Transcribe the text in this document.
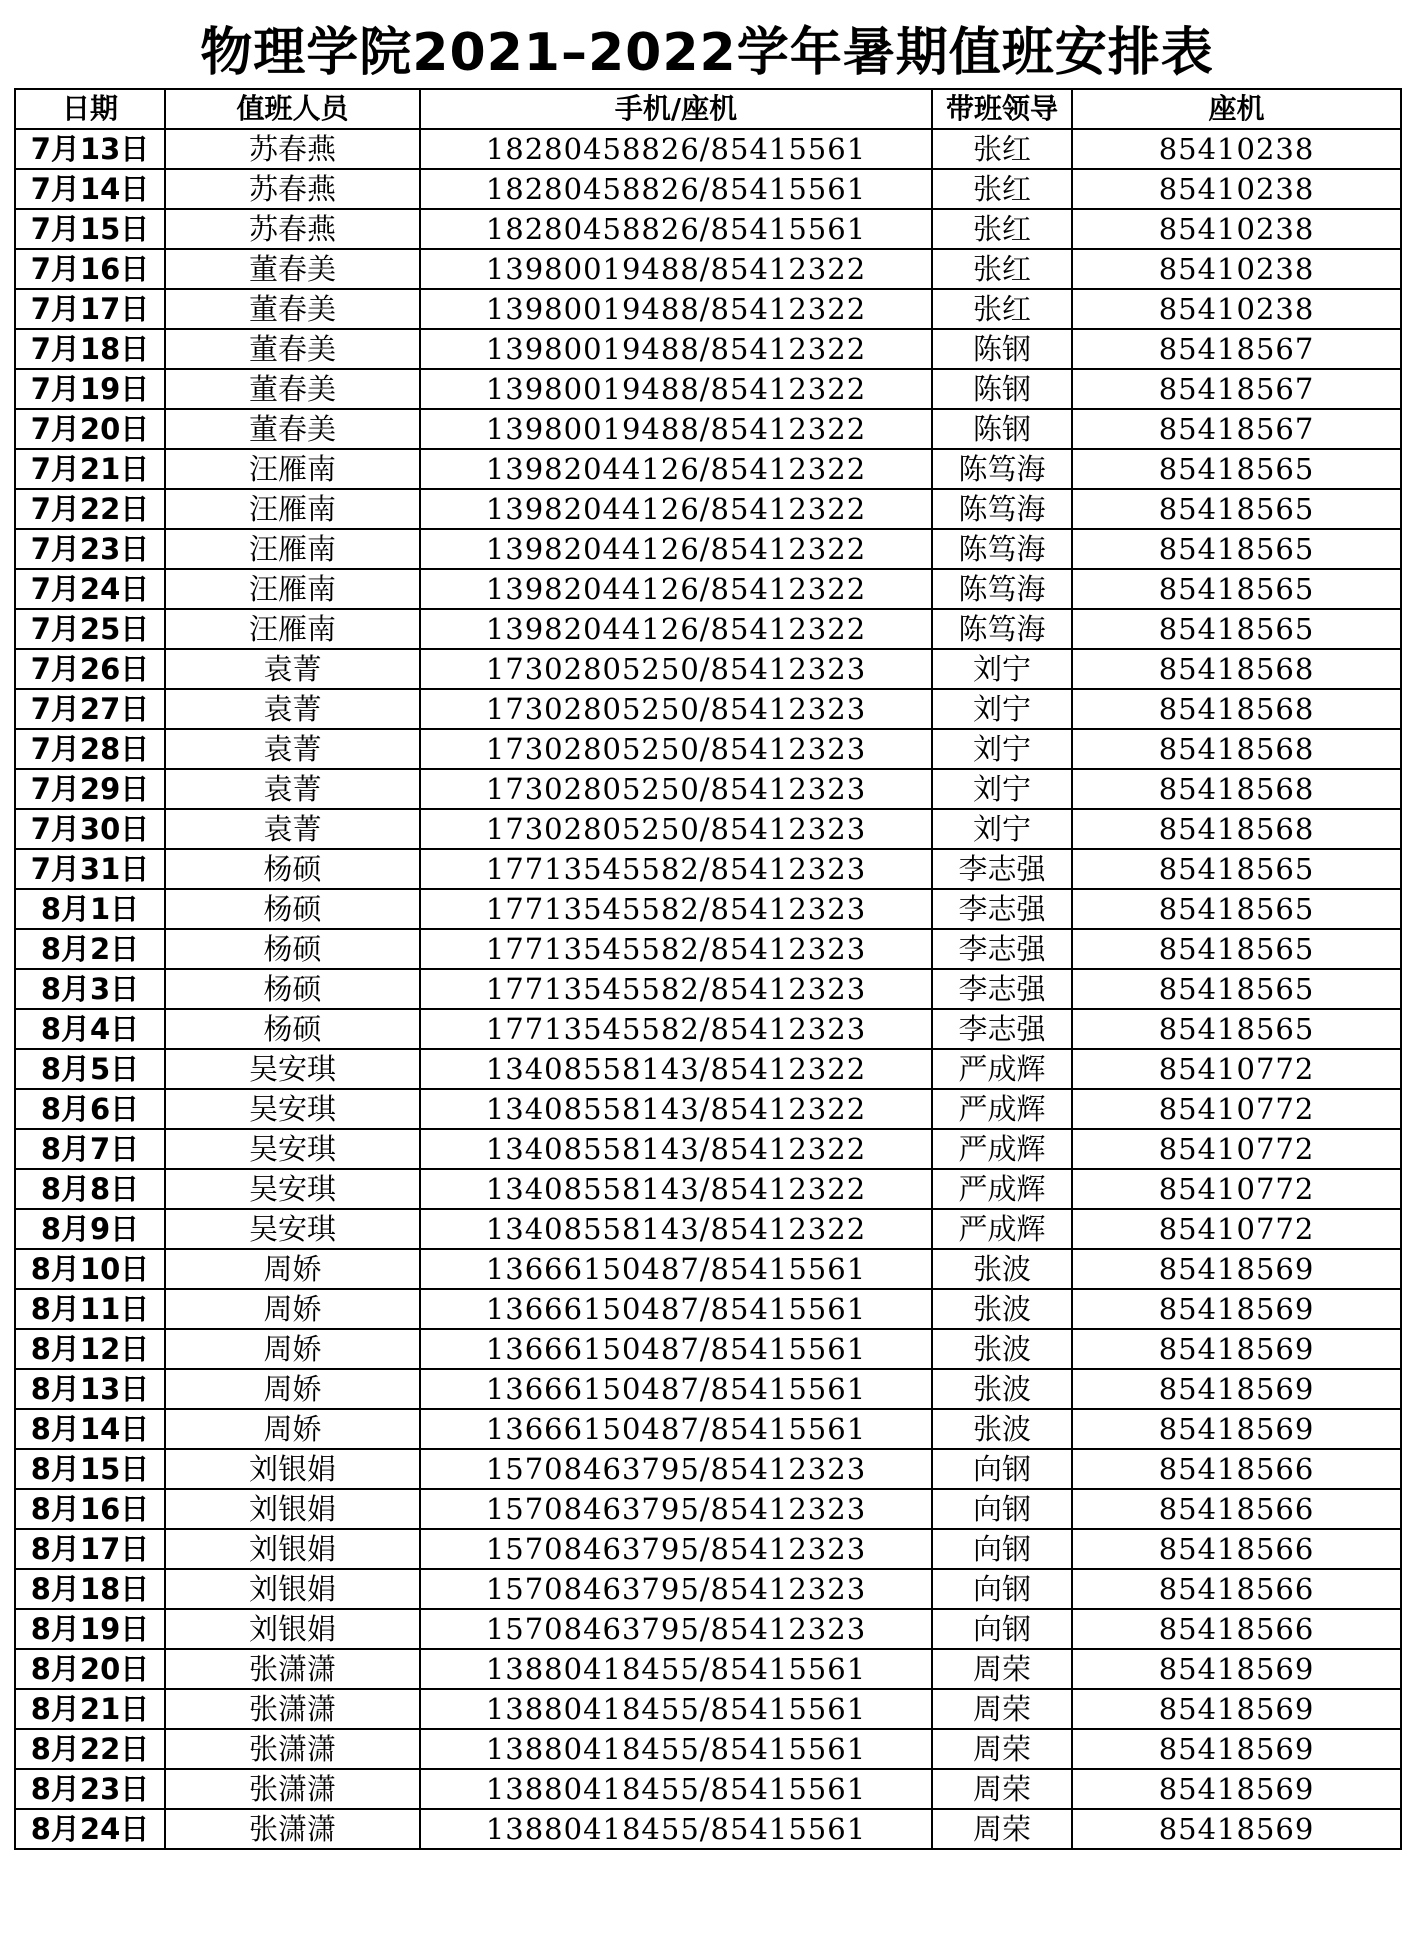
物理学院2021–2022学年暑期值班安排表
日期	值班人员	手机/座机	带班领导	座机
7月13日	苏春燕	18280458826/85415561	张红	85410238
7月14日	苏春燕	18280458826/85415561	张红	85410238
7月15日	苏春燕	18280458826/85415561	张红	85410238
7月16日	董春美	13980019488/85412322	张红	85410238
7月17日	董春美	13980019488/85412322	张红	85410238
7月18日	董春美	13980019488/85412322	陈钢	85418567
7月19日	董春美	13980019488/85412322	陈钢	85418567
7月20日	董春美	13980019488/85412322	陈钢	85418567
7月21日	汪雁南	13982044126/85412322	陈笃海	85418565
7月22日	汪雁南	13982044126/85412322	陈笃海	85418565
7月23日	汪雁南	13982044126/85412322	陈笃海	85418565
7月24日	汪雁南	13982044126/85412322	陈笃海	85418565
7月25日	汪雁南	13982044126/85412322	陈笃海	85418565
7月26日	袁菁	17302805250/85412323	刘宁	85418568
7月27日	袁菁	17302805250/85412323	刘宁	85418568
7月28日	袁菁	17302805250/85412323	刘宁	85418568
7月29日	袁菁	17302805250/85412323	刘宁	85418568
7月30日	袁菁	17302805250/85412323	刘宁	85418568
7月31日	杨硕	17713545582/85412323	李志强	85418565
8月1日	杨硕	17713545582/85412323	李志强	85418565
8月2日	杨硕	17713545582/85412323	李志强	85418565
8月3日	杨硕	17713545582/85412323	李志强	85418565
8月4日	杨硕	17713545582/85412323	李志强	85418565
8月5日	吴安琪	13408558143/85412322	严成辉	85410772
8月6日	吴安琪	13408558143/85412322	严成辉	85410772
8月7日	吴安琪	13408558143/85412322	严成辉	85410772
8月8日	吴安琪	13408558143/85412322	严成辉	85410772
8月9日	吴安琪	13408558143/85412322	严成辉	85410772
8月10日	周娇	13666150487/85415561	张波	85418569
8月11日	周娇	13666150487/85415561	张波	85418569
8月12日	周娇	13666150487/85415561	张波	85418569
8月13日	周娇	13666150487/85415561	张波	85418569
8月14日	周娇	13666150487/85415561	张波	85418569
8月15日	刘银娟	15708463795/85412323	向钢	85418566
8月16日	刘银娟	15708463795/85412323	向钢	85418566
8月17日	刘银娟	15708463795/85412323	向钢	85418566
8月18日	刘银娟	15708463795/85412323	向钢	85418566
8月19日	刘银娟	15708463795/85412323	向钢	85418566
8月20日	张潇潇	13880418455/85415561	周荣	85418569
8月21日	张潇潇	13880418455/85415561	周荣	85418569
8月22日	张潇潇	13880418455/85415561	周荣	85418569
8月23日	张潇潇	13880418455/85415561	周荣	85418569
8月24日	张潇潇	13880418455/85415561	周荣	85418569
